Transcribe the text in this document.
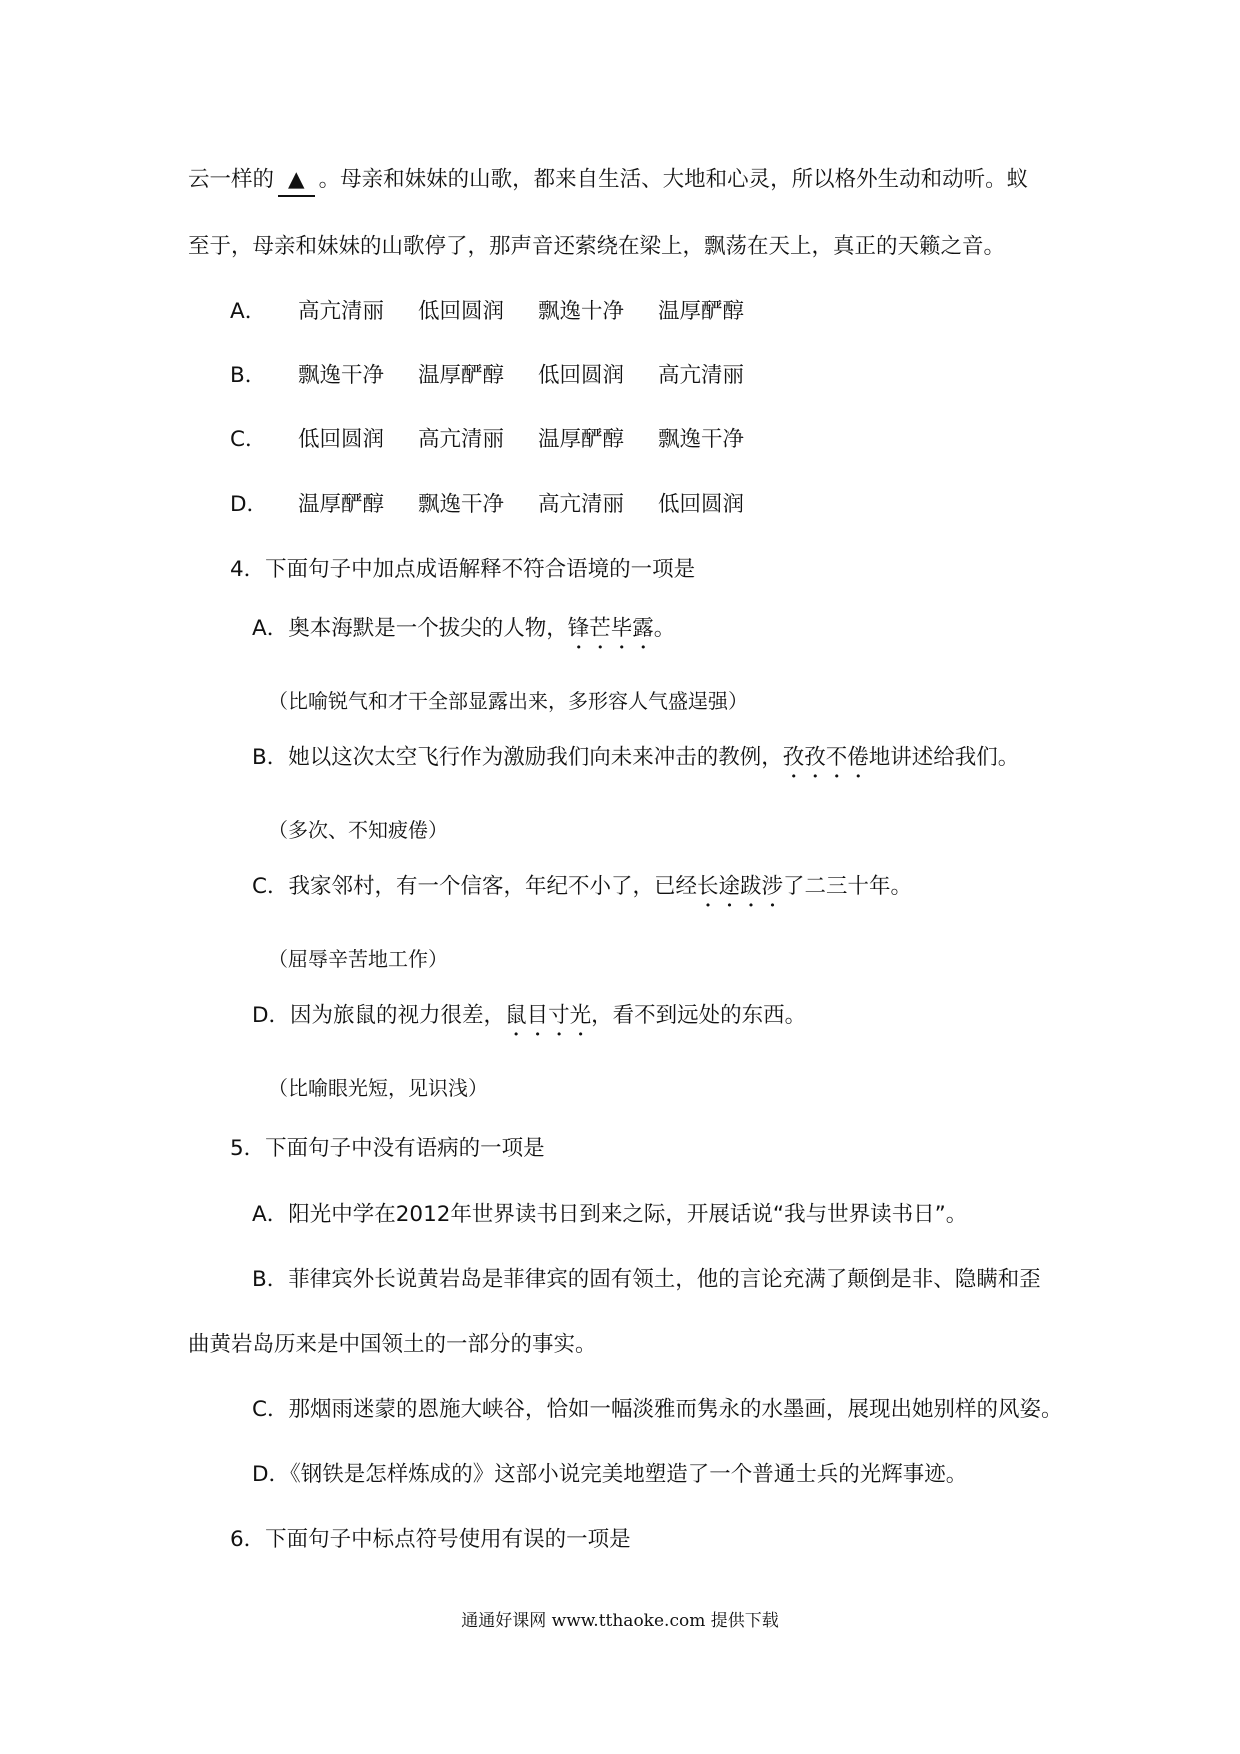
云一样的 ▲ 。母亲和妹妹的山歌，都来自生活、大地和心灵，所以格外生动和动听。蚁
至于，母亲和妹妹的山歌停了，那声音还萦绕在梁上，飘荡在天上，真正的天籁之音。
A． 高亢清丽 低回圆润 飘逸十净 温厚酽醇
B． 飘逸干净 温厚酽醇 低回圆润 高亢清丽
C． 低回圆润 高亢清丽 温厚酽醇 飘逸干净
D． 温厚酽醇 飘逸干净 高亢清丽 低回圆润
4．下面句子中加点成语解释不符合语境的一项是
A．奥本海默是一个拔尖的人物，锋芒毕露。
（比喻锐气和才干全部显露出来，多形容人气盛逞强）
B．她以这次太空飞行作为激励我们向未来冲击的教例，孜孜不倦地讲述给我们。
（多次、不知疲倦）
C．我家邻村，有一个信客，年纪不小了，已经长途跋涉了二三十年。
（屈辱辛苦地工作）
D．因为旅鼠的视力很差，鼠目寸光，看不到远处的东西。
（比喻眼光短，见识浅）
5．下面句子中没有语病的一项是
A．阳光中学在2012年世界读书日到来之际，开展话说“我与世界读书日”。
B．菲律宾外长说黄岩岛是菲律宾的固有领土，他的言论充满了颠倒是非、隐瞒和歪
曲黄岩岛历来是中国领土的一部分的事实。
C．那烟雨迷蒙的恩施大峡谷，恰如一幅淡雅而隽永的水墨画，展现出她别样的风姿。
D．《钢铁是怎样炼成的》这部小说完美地塑造了一个普通士兵的光辉事迹。
6．下面句子中标点符号使用有误的一项是
通通好课网 www.tthaoke.com 提供下载
